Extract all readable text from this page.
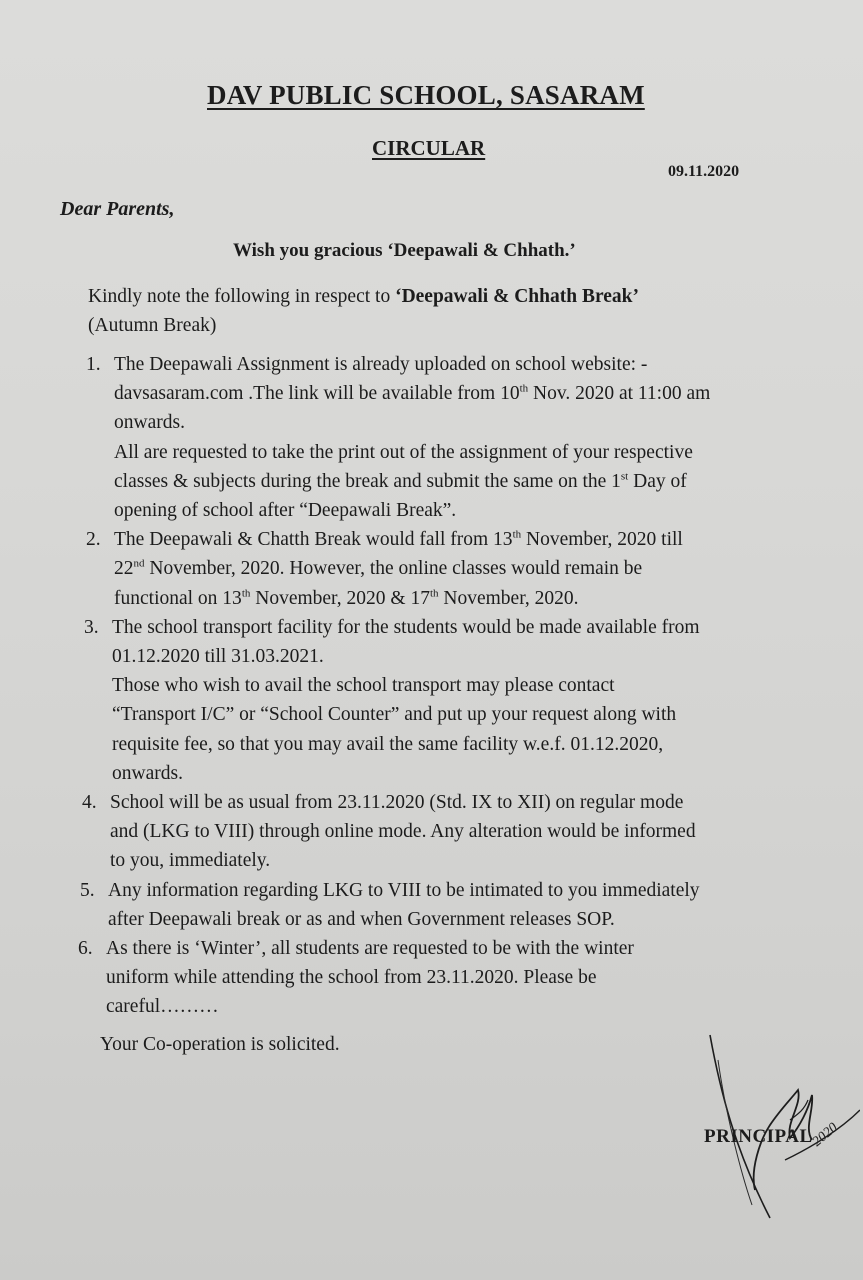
DAV PUBLIC SCHOOL, SASARAM
CIRCULAR
09.11.2020
Dear Parents,
Wish you gracious ‘Deepawali & Chhath.’
Kindly note the following in respect to ‘Deepawali & Chhath Break’
(Autumn Break)
1. The Deepawali Assignment is already uploaded on school website: -
davsasaram.com .The link will be available from 10th Nov. 2020 at 11:00 am
onwards.
All are requested to take the print out of the assignment of your respective
classes & subjects during the break and submit the same on the 1st Day of
opening of school after “Deepawali Break”.

2. The Deepawali & Chatth Break would fall from 13th November, 2020 till
22nd November, 2020. However, the online classes would remain be
functional on 13th November, 2020 & 17th November, 2020.

3. The school transport facility for the students would be made available from
01.12.2020 till 31.03.2021.
Those who wish to avail the school transport may please contact
“Transport I/C” or “School Counter” and put up your request along with
requisite fee, so that you may avail the same facility w.e.f. 01.12.2020,
onwards.

4. School will be as usual from 23.11.2020 (Std. IX to XII) on regular mode
and (LKG to VIII) through online mode. Any alteration would be informed
to you, immediately.

5. Any information regarding LKG to VIII to be intimated to you immediately
after Deepawali break or as and when Government releases SOP.

6. As there is ‘Winter’, all students are requested to be with the winter
uniform while attending the school from 23.11.2020. Please be
careful………

Your Co-operation is solicited.
2020
PRINCIPAL
